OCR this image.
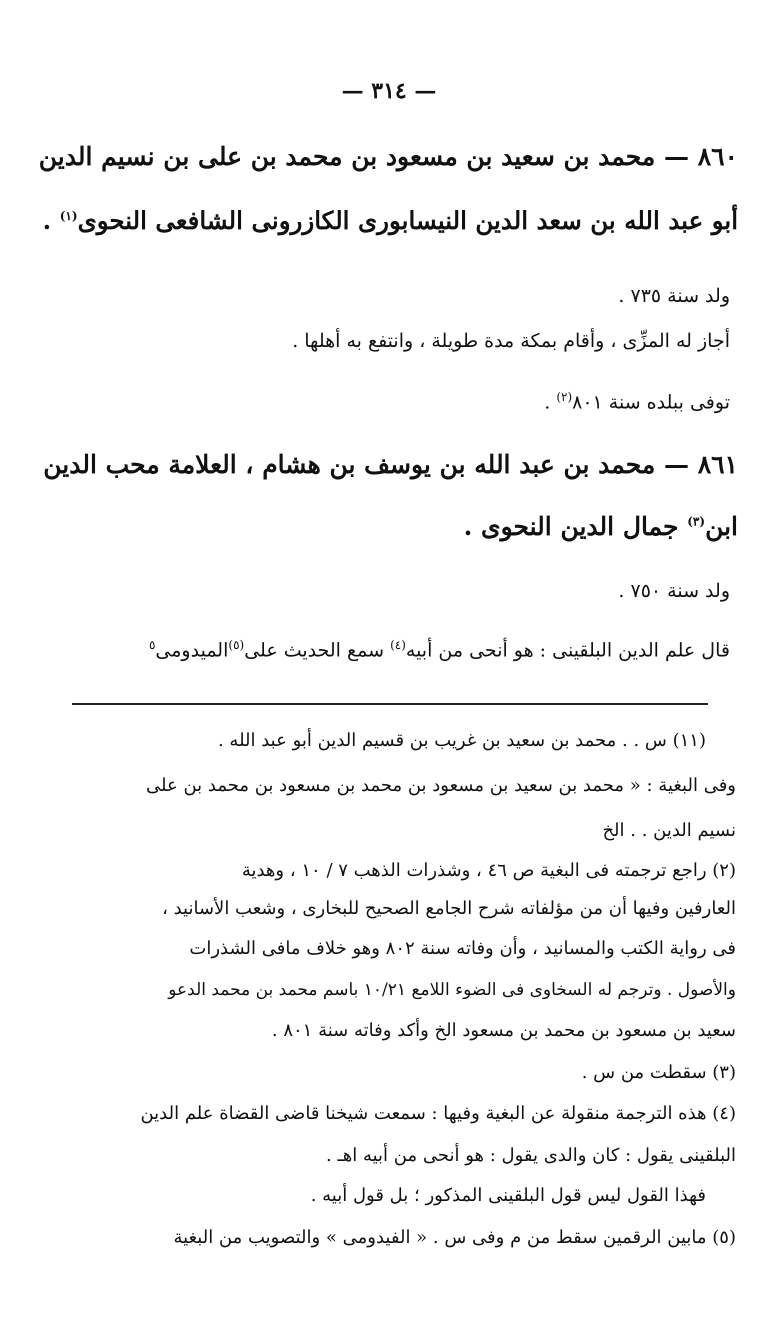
— ٣١٤ —
٨٦٠ — محمد بن سعيد بن مسعود بن محمد بن على بن نسيم الدين
أبو عبد الله بن سعد الدين النيسابورى الكازرونى الشافعى النحوى$^{(١)}$ .
ولد سنة ٧٣٥ .
أجاز له المزِّى ، وأقام بمكة مدة طويلة ، وانتفع به أهلها .
توفى ببلده سنة ٨٠١$^{(٢)}$ .
٨٦١ — محمد بن عبد الله بن يوسف بن هشام ، العلامة محب الدين
ابن$^{(٣)}$ جمال الدين النحوى .
ولد سنة ٧٥٠ .
قال علم الدين البلقينى : هو أنحى من أبيه$^{(٤)}$ سمع الحديث على$^{(٥)}$الميدومى$^٥$
(١١) س . . محمد بن سعيد بن غريب بن قسيم الدين أبو عبد الله .
وفى البغية : « محمد بن سعيد بن مسعود بن محمد بن مسعود بن محمد بن على
نسيم الدين . . الخ
(٢) راجع ترجمته فى البغية ص ٤٦ ، وشذرات الذهب ٧ / ١٠ ، وهدية
العارفين وفيها أن من مؤلفاته شرح الجامع الصحيح للبخارى ، وشعب الأسانيد ،
فى رواية الكتب والمسانيد ، وأن وفاته سنة ٨٠٢ وهو خلاف مافى الشذرات
والأصول . وترجم له السخاوى فى الضوء اللامع ١٠/٢١ باسم محمد بن محمد الدعو
سعيد بن مسعود بن محمد بن مسعود الخ وأكد وفاته سنة ٨٠١ .
(٣) سقطت من س .
(٤) هذه الترجمة منقولة عن البغية وفيها : سمعت شيخنا قاضى القضاة علم الدين
البلقينى يقول : كان والدى يقول : هو أنحى من أبيه اهـ .
فهذا القول ليس قول البلقينى المذكور ؛ بل قول أبيه .
(٥) مابين الرقمين سقط من م وفى س . « الفيدومى » والتصويب من البغية
